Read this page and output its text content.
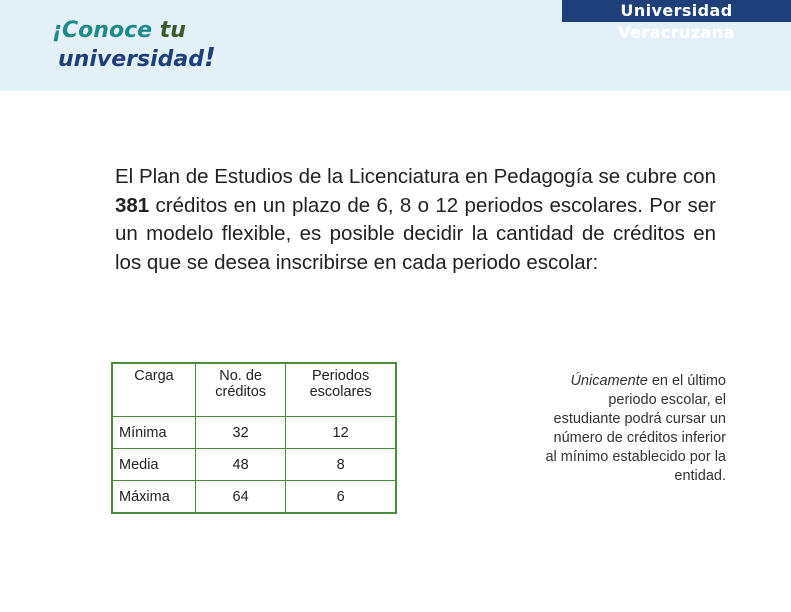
¡Conoce tu
universidad!
Universidad Veracruzana

El Plan de Estudios de la Licenciatura en Pedagogía se cubre con 381 créditos en un plazo de 6, 8 o 12 periodos escolares. Por ser un modelo flexible, es posible decidir la cantidad de créditos en los que se desea inscribirse en cada periodo escolar:

Carga	No. de créditos	Periodos escolares
Mínima	32	12
Media	48	8
Máxima	64	6
Únicamente en el último periodo escolar, el estudiante podrá cursar un número de créditos inferior al mínimo establecido por la entidad.
